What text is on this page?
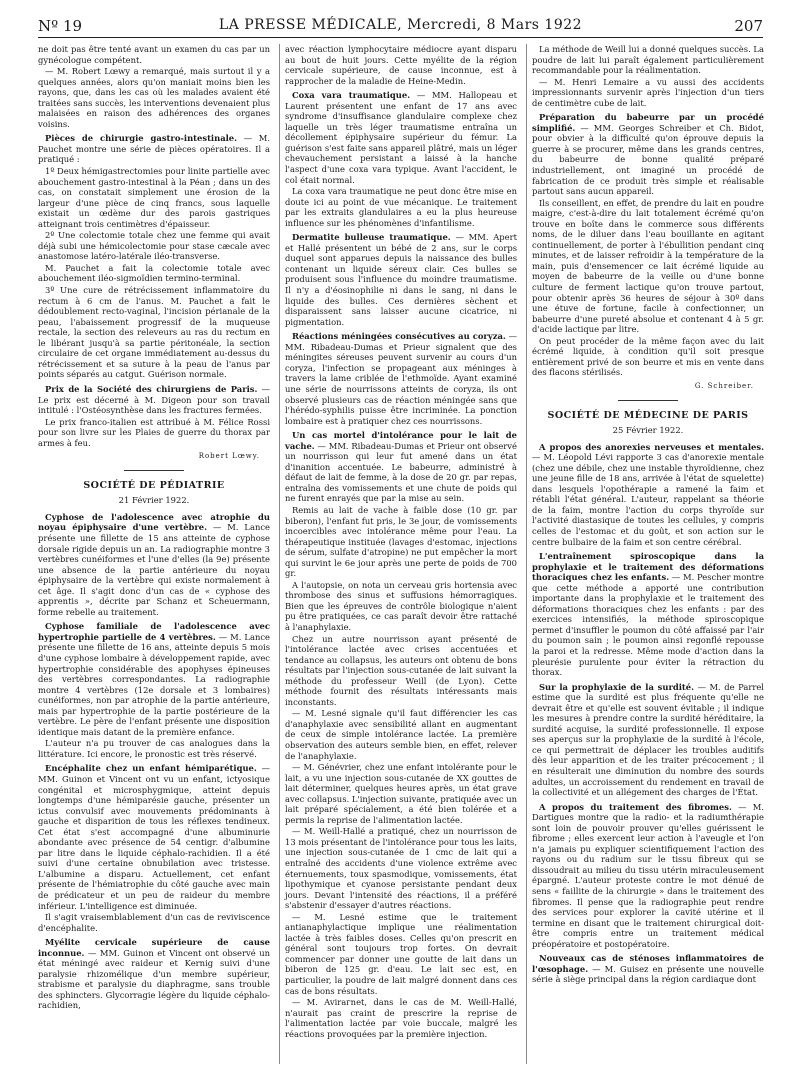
Nº 19	LA PRESSE MÉDICALE, Mercredi, 8 Mars 1922	207

ne doit pas être tenté avant un examen du cas par un gynécologue compétent.

— M. Robert Lœwy a remarqué, mais surtout il y a quelques années, alors qu'on maniait moins bien les rayons, que, dans les cas où les malades avaient été traitées sans succès, les interventions devenaient plus malaisées en raison des adhérences des organes voisins.

Pièces de chirurgie gastro-intestinale. — M. Pauchet montre une série de pièces opératoires. Il a pratiqué :

1º Deux hémigastrectomies pour linite partielle avec abouchement gastro-intestinal à la Péan ; dans un des cas, on constatait simplement une érosion de la largeur d'une pièce de cinq francs, sous laquelle existait un œdème dur des parois gastriques atteignant trois centimètres d'épaisseur.

2º Une colectomie totale chez une femme qui avait déjà subi une hémicolectomie pour stase cæcale avec anastomose latéro-latérale iléo-transverse.

M. Pauchet a fait la colectomie totale avec abouchement iléo-sigmoïdien termino-terminal.

3º Une cure de rétrécissement inflammatoire du rectum à 6 cm de l'anus. M. Pauchet a fait le dédoublement recto-vaginal, l'incision périanale de la peau, l'abaissement progressif de la muqueuse rectale, la section des releveurs au ras du rectum en le libérant jusqu'à sa partie péritonéale, la section circulaire de cet organe immédiatement au-dessus du rétrécissement et sa suture à la peau de l'anus par points séparés au catgut. Guérison normale.

Prix de la Société des chirurgiens de Paris. — Le prix est décerné à M. Digeon pour son travail intitulé : l'Ostéosynthèse dans les fractures fermées.

Le prix franco-italien est attribué à M. Félice Rossi pour son livre sur les Plaies de guerre du thorax par armes à feu.

Robert Lœwy.
SOCIÉTÉ DE PÉDIATRIE
21 Février 1922.

Cyphose de l'adolescence avec atrophie du noyau épiphysaire d'une vertèbre. — M. Lance présente une fillette de 15 ans atteinte de cyphose dorsale rigide depuis un an. La radiographie montre 3 vertèbres cunéiformes et l'une d'elles (la 9e) présente une absence de la partie antérieure du noyau épiphysaire de la vertèbre qui existe normalement à cet âge. Il s'agit donc d'un cas de « cyphose des apprentis », décrite par Schanz et Scheuermann, forme rebelle au traitement.

Cyphose familiale de l'adolescence avec hypertrophie partielle de 4 vertèbres. — M. Lance présente une fillette de 16 ans, atteinte depuis 5 mois d'une cyphose lombaire à développement rapide, avec hypertrophie considérable des apophyses épineuses des vertèbres correspondantes. La radiographie montre 4 vertèbres (12e dorsale et 3 lombaires) cunéiformes, non par atrophie de la partie antérieure, mais par hypertrophie de la partie postérieure de la vertèbre. Le père de l'enfant présente une disposition identique mais datant de la première enfance.

L'auteur n'a pu trouver de cas analogues dans la littérature. Ici encore, le pronostic est très réservé.

Encéphalite chez un enfant hémiparétique. — MM. Guinon et Vincent ont vu un enfant, ictyosique congénital et microsphygmique, atteint depuis longtemps d'une hémiparésie gauche, présenter un ictus convulsif avec mouvements prédominants à gauche et disparition de tous les réflexes tendineux. Cet état s'est accompagné d'une albuminurie abondante avec présence de 54 centigr. d'albumine par litre dans le liquide céphalo-rachidien. Il a été suivi d'une certaine obnubilation avec tristesse. L'albumine a disparu. Actuellement, cet enfant présente de l'hémiatrophie du côté gauche avec main de prédicateur et un peu de raideur du membre inférieur. L'intelligence est diminuée.

Il s'agit vraisemblablement d'un cas de reviviscence d'encéphalite.

Myélite cervicale supérieure de cause inconnue. — MM. Guinon et Vincent ont observé un état méningé avec raideur et Kernig suivi d'une paralysie rhizomélique d'un membre supérieur, strabisme et paralysie du diaphragme, sans trouble des sphincters. Glycorragie légère du liquide céphalo-rachidien,

avec réaction lymphocytaire médiocre ayant disparu au bout de huit jours. Cette myélite de la région cervicale supérieure, de cause inconnue, est à rapprocher de la maladie de Heine-Medin.

Coxa vara traumatique. — MM. Hallopeau et Laurent présentent une enfant de 17 ans avec syndrome d'insuffisance glandulaire complexe chez laquelle un très léger traumatisme entraîna un décollement épiphysaire supérieur du fémur. La guérison s'est faite sans appareil plâtré, mais un léger chevauchement persistant a laissé à la hanche l'aspect d'une coxa vara typique. Avant l'accident, le col était normal.

La coxa vara traumatique ne peut donc être mise en doute ici au point de vue mécanique. Le traitement par les extraits glandulaires a eu la plus heureuse influence sur les phénomènes d'infantilisme.

Dermatite bulleuse traumatique. — MM. Apert et Hallé présentent un bébé de 2 ans, sur le corps duquel sont apparues depuis la naissance des bulles contenant un liquide séreux clair. Ces bulles se produisent sous l'influence du moindre traumatisme. Il n'y a d'éosinophilie ni dans le sang, ni dans le liquide des bulles. Ces dernières sèchent et disparaissent sans laisser aucune cicatrice, ni pigmentation.

Réactions méningées consécutives au coryza. — MM. Ribadeau-Dumas et Prieur signalent que des méningites séreuses peuvent survenir au cours d'un coryza, l'infection se propageant aux méninges à travers la lame criblée de l'ethmoïde. Ayant examiné une série de nourrissons atteints de coryza, ils ont observé plusieurs cas de réaction méningée sans que l'hérédo-syphilis puisse être incriminée. La ponction lombaire est à pratiquer chez ces nourrissons.

Un cas mortel d'intolérance pour le lait de vache. — MM. Ribadeau-Dumas et Prieur ont observé un nourrisson qui leur fut amené dans un état d'inanition accentuée. Le babeurre, administré à défaut de lait de femme, à la dose de 20 gr. par repas, entraîna des vomissements et une chute de poids qui ne furent enrayés que par la mise au sein.

Remis au lait de vache à faible dose (10 gr. par biberon), l'enfant fut pris, le 3e jour, de vomissements incoercibles avec intolérance même pour l'eau. La thérapeutique instituée (lavages d'estomac, injections de sérum, sulfate d'atropine) ne put empêcher la mort qui survint le 6e jour après une perte de poids de 700 gr.

A l'autopsie, on nota un cerveau gris hortensia avec thrombose des sinus et suffusions hémorragiques. Bien que les épreuves de contrôle biologique n'aient pu être pratiquées, ce cas paraît devoir être rattaché à l'anaphylaxie.

Chez un autre nourrisson ayant présenté de l'intolérance lactée avec crises accentuées et tendance au collapsus, les auteurs ont obtenu de bons résultats par l'injection sous-cutanée de lait suivant la méthode du professeur Weill (de Lyon). Cette méthode fournit des résultats intéressants mais inconstants.

— M. Lesné signale qu'il faut différencier les cas d'anaphylaxie avec sensibilité allant en augmentant de ceux de simple intolérance lactée. La première observation des auteurs semble bien, en effet, relever de l'anaphylaxie.

— M. Génévrier, chez une enfant intolérante pour le lait, a vu une injection sous-cutanée de XX gouttes de lait déterminer, quelques heures après, un état grave avec collapsus. L'injection suivante, pratiquée avec un lait préparé spécialement, a été bien tolérée et a permis la reprise de l'alimentation lactée.

— M. Weill-Hallé a pratiqué, chez un nourrisson de 13 mois présentant de l'intolérance pour tous les laits, une injection sous-cutanée de 1 cmc de lait qui a entraîné des accidents d'une violence extrême avec éternuements, toux spasmodique, vomissements, état lipothymique et cyanose persistante pendant deux jours. Devant l'intensité des réactions, il a préféré s'abstenir d'essayer d'autres réactions.

— M. Lesné estime que le traitement antianaphylactique implique une réalimentation lactée à très faibles doses. Celles qu'on prescrit en général sont toujours trop fortes. On devrait commencer par donner une goutte de lait dans un biberon de 125 gr. d'eau. Le lait sec est, en particulier, la poudre de lait malgré donnent dans ces cas de bons résultats.

— M. Avirагnet, dans le cas de M. Weill-Hallé, n'aurait pas craint de prescrire la reprise de l'alimentation lactée par voie buccale, malgré les réactions provoquées par la première injection.

La méthode de Weill lui a donné quelques succès. La poudre de lait lui paraît également particulièrement recommandable pour la réalimentation.

— M. Henri Lemaire a vu aussi des accidents impressionnants survenir après l'injection d'un tiers de centimètre cube de lait.

Préparation du babeurre par un procédé simplifié. — MM. Georges Schreiber et Ch. Bidot, pour obvier à la difficulté qu'on éprouve depuis la guerre à se procurer, même dans les grands centres, du babeurre de bonne qualité préparé industriellement, ont imaginé un procédé de fabrication de ce produit très simple et réalisable partout sans aucun appareil.

Ils conseillent, en effet, de prendre du lait en poudre maigre, c'est-à-dire du lait totalement écrémé qu'on trouve en boîte dans le commerce sous différents noms, de le diluer dans l'eau bouillante en agitant continuellement, de porter à l'ébullition pendant cinq minutes, et de laisser refroidir à la température de la main, puis d'ensemencer ce lait écrémé liquide au moyen de babeurre de la veille ou d'une bonne culture de ferment lactique qu'on trouve partout, pour obtenir après 36 heures de séjour à 30º dans une étuve de fortune, facile à confectionner, un babeurre d'une pureté absolue et contenant 4 à 5 gr. d'acide lactique par litre.

On peut procéder de la même façon avec du lait écrémé liquide, à condition qu'il soit presque entièrement privé de son beurre et mis en vente dans des flacons stérilisés.

G. Schreiber.
SOCIÉTÉ DE MÉDECINE DE PARIS
25 Février 1922.

A propos des anorexies nerveuses et mentales. — M. Léopold Lévi rapporte 3 cas d'anorexie mentale (chez une débile, chez une instable thyroïdienne, chez une jeune fille de 18 ans, arrivée à l'état de squelette) dans lesquels l'opothérapie a ramené la faim et rétabli l'état général. L'auteur, rappelant sa théorie de la faim, montre l'action du corps thyroïde sur l'activité diastasique de toutes les cellules, y compris celles de l'estomac et du goût, et son action sur le centre bulbaire de la faim et son centre cérébral.

L'entraînement spiroscopique dans la prophylaxie et le traitement des déformations thoraciques chez les enfants. — M. Pescher montre que cette méthode a apporté une contribution importante dans la prophylaxie et le traitement des déformations thoraciques chez les enfants : par des exercices intensifiés, la méthode spiroscopique permet d'insuffler le poumon du côté affaissé par l'air du poumon sain ; le poumon ainsi regonflé repousse la paroi et la redresse. Même mode d'action dans la pleurésie purulente pour éviter la rétraction du thorax.

Sur la prophylaxie de la surdité. — M. de Parrel estime que la surdité est plus fréquente qu'elle ne devrait être et qu'elle est souvent évitable ; il indique les mesures à prendre contre la surdité héréditaire, la surdité acquise, la surdité professionnelle. Il expose ses aperçus sur la prophylaxie de la surdité à l'école, ce qui permettrait de déplacer les troubles auditifs dès leur apparition et de les traiter précocement ; il en résulterait une diminution du nombre des sourds adultes, un accroissement du rendement en travail de la collectivité et un allégement des charges de l'État.

A propos du traitement des fibromes. — M. Dartigues montre que la radio- et la radiumthérapie sont loin de pouvoir prouver qu'elles guérissent le fibrome ; elles exercent leur action à l'aveugle et l'on n'a jamais pu expliquer scientifiquement l'action des rayons ou du radium sur le tissu fibreux qui se dissoudrait au milieu du tissu utérin miraculeusement épargné. L'auteur proteste contre le mot dénué de sens « faillite de la chirurgie » dans le traitement des fibromes. Il pense que la radiographie peut rendre des services pour explorer la cavité utérine et il termine en disant que le traitement chirurgical doit-être compris entre un traitement médical préopératoire et postopératoire.

Nouveaux cas de sténoses inflammatoires de l'œsophage. — M. Guisez en présente une nouvelle série à siège principal dans la région cardiaque dont
